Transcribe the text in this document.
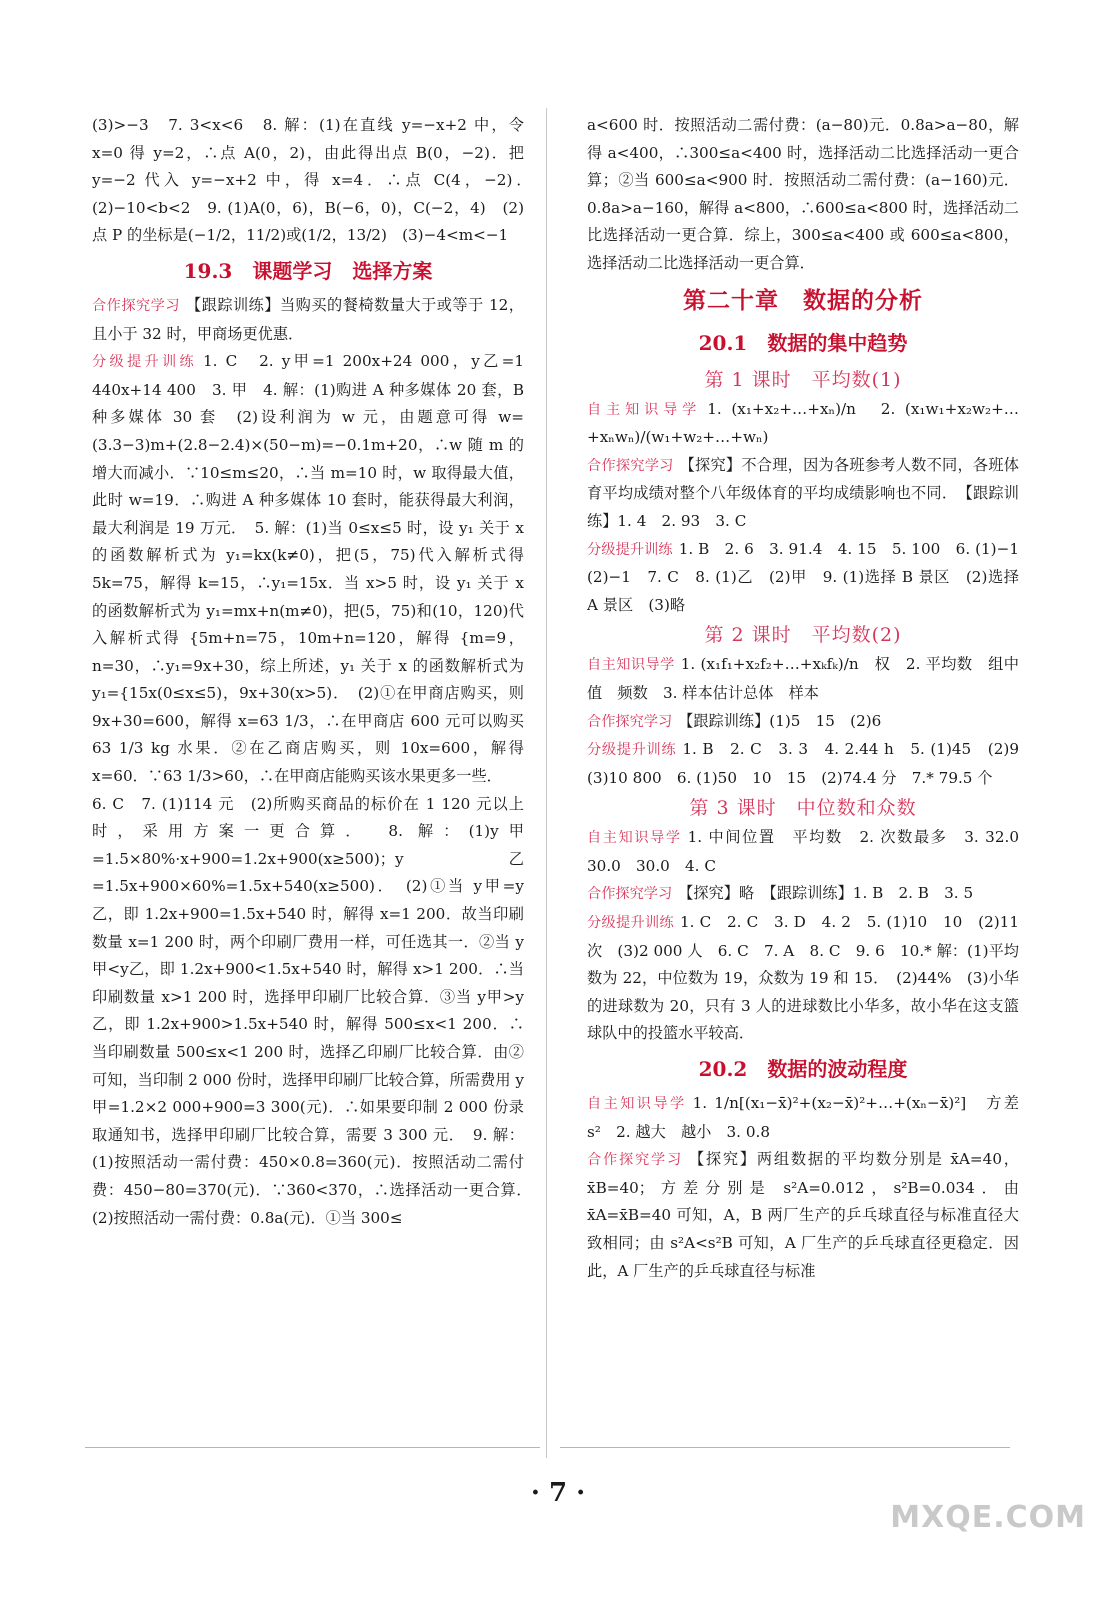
(3)>−3　7. 3<x<6　8. 解：(1)在直线 y=−x+2 中，令 x=0 得 y=2，∴点 A(0，2)，由此得出点 B(0，−2)．把 y=−2 代入 y=−x+2 中，得 x=4．∴点 C(4，−2)．　(2)−10<b<2　9. (1)A(0，6)，B(−6，0)，C(−2，4)　(2)点 P 的坐标是(−1/2，11/2)或(1/2，13/2)　(3)−4<m<−1

19.3　课题学习　选择方案

合作探究学习 【跟踪训练】当购买的餐椅数量大于或等于 12，且小于 32 时，甲商场更优惠．

分级提升训练 1. C　2. y甲=1 200x+24 000，y乙=1 440x+14 400　3. 甲　4. 解：(1)购进 A 种多媒体 20 套，B 种多媒体 30 套　(2)设利润为 w 元，由题意可得 w=(3.3−3)m+(2.8−2.4)×(50−m)=−0.1m+20，∴w 随 m 的增大而减小．∵10≤m≤20，∴当 m=10 时，w 取得最大值，此时 w=19．∴购进 A 种多媒体 10 套时，能获得最大利润，最大利润是 19 万元．　5. 解：(1)当 0≤x≤5 时，设 y₁ 关于 x 的函数解析式为 y₁=kx(k≠0)，把(5，75)代入解析式得 5k=75，解得 k=15，∴y₁=15x．当 x>5 时，设 y₁ 关于 x 的函数解析式为 y₁=mx+n(m≠0)，把(5，75)和(10，120)代入解析式得 {5m+n=75，10m+n=120，解得 {m=9，n=30，∴y₁=9x+30，综上所述，y₁ 关于 x 的函数解析式为 y₁={15x(0≤x≤5)，9x+30(x>5)．　(2)①在甲商店购买，则 9x+30=600，解得 x=63 1/3，∴在甲商店 600 元可以购买 63 1/3 kg 水果．②在乙商店购买，则 10x=600，解得 x=60．∵63 1/3>60，∴在甲商店能购买该水果更多一些．

6. C　7. (1)114 元　(2)所购买商品的标价在 1 120 元以上时，采用方案一更合算．　8. 解：(1)y甲=1.5×80%·x+900=1.2x+900(x≥500)；y乙=1.5x+900×60%=1.5x+540(x≥500)．　(2)①当 y甲=y乙，即 1.2x+900=1.5x+540 时，解得 x=1 200．故当印刷数量 x=1 200 时，两个印刷厂费用一样，可任选其一．②当 y甲<y乙，即 1.2x+900<1.5x+540 时，解得 x>1 200．∴当印刷数量 x>1 200 时，选择甲印刷厂比较合算．③当 y甲>y乙，即 1.2x+900>1.5x+540 时，解得 500≤x<1 200．∴当印刷数量 500≤x<1 200 时，选择乙印刷厂比较合算．由②可知，当印制 2 000 份时，选择甲印刷厂比较合算，所需费用 y甲=1.2×2 000+900=3 300(元)．∴如果要印制 2 000 份录取通知书，选择甲印刷厂比较合算，需要 3 300 元．　9. 解：(1)按照活动一需付费：450×0.8=360(元)．按照活动二需付费：450−80=370(元)．∵360<370，∴选择活动一更合算．　(2)按照活动一需付费：0.8a(元)．①当 300≤

a<600 时．按照活动二需付费：(a−80)元．0.8a>a−80，解得 a<400，∴300≤a<400 时，选择活动二比选择活动一更合算；②当 600≤a<900 时．按照活动二需付费：(a−160)元．0.8a>a−160，解得 a<800，∴600≤a<800 时，选择活动二比选择活动一更合算．综上，300≤a<400 或 600≤a<800，选择活动二比选择活动一更合算．

第二十章　数据的分析
20.1　数据的集中趋势
第 1 课时　平均数(1)

自主知识导学 1. (x₁+x₂+…+xₙ)/n　2. (x₁w₁+x₂w₂+…+xₙwₙ)/(w₁+w₂+…+wₙ)

合作探究学习 【探究】不合理，因为各班参考人数不同，各班体育平均成绩对整个八年级体育的平均成绩影响也不同．　【跟踪训练】1. 4　2. 93　3. C

分级提升训练 1. B　2. 6　3. 91.4　4. 15　5. 100　6. (1)−1　(2)−1　7. C　8. (1)乙　(2)甲　9. (1)选择 B 景区　(2)选择 A 景区　(3)略

第 2 课时　平均数(2)

自主知识导学 1. (x₁f₁+x₂f₂+…+xₖfₖ)/n　权　2. 平均数　组中值　频数　3. 样本估计总体　样本

合作探究学习 【跟踪训练】(1)5　15　(2)6

分级提升训练 1. B　2. C　3. 3　4. 2.44 h　5. (1)45　(2)9　(3)10 800　6. (1)50　10　15　(2)74.4 分　7.* 79.5 个

第 3 课时　中位数和众数

自主知识导学 1. 中间位置　平均数　2. 次数最多　3. 32.0　30.0　30.0　4. C

合作探究学习 【探究】略　【跟踪训练】1. B　2. B　3. 5

分级提升训练 1. C　2. C　3. D　4. 2　5. (1)10　10　(2)11 次　(3)2 000 人　6. C　7. A　8. C　9. 6　10.* 解：(1)平均数为 22，中位数为 19，众数为 19 和 15．　(2)44%　(3)小华的进球数为 20，只有 3 人的进球数比小华多，故小华在这支篮球队中的投篮水平较高．

20.2　数据的波动程度

自主知识导学 1. 1/n[(x₁−x̄)²+(x₂−x̄)²+…+(xₙ−x̄)²]　方差　s²　2. 越大　越小　3. 0.8

合作探究学习 【探究】两组数据的平均数分别是 x̄A=40，x̄B=40；方差分别是 s²A=0.012，s²B=0.034．由 x̄A=x̄B=40 可知，A，B 两厂生产的乒乓球直径与标准直径大致相同；由 s²A<s²B 可知，A 厂生产的乒乓球直径更稳定．因此，A 厂生产的乒乓球直径与标准

· 7 ·
MXQE.COM
